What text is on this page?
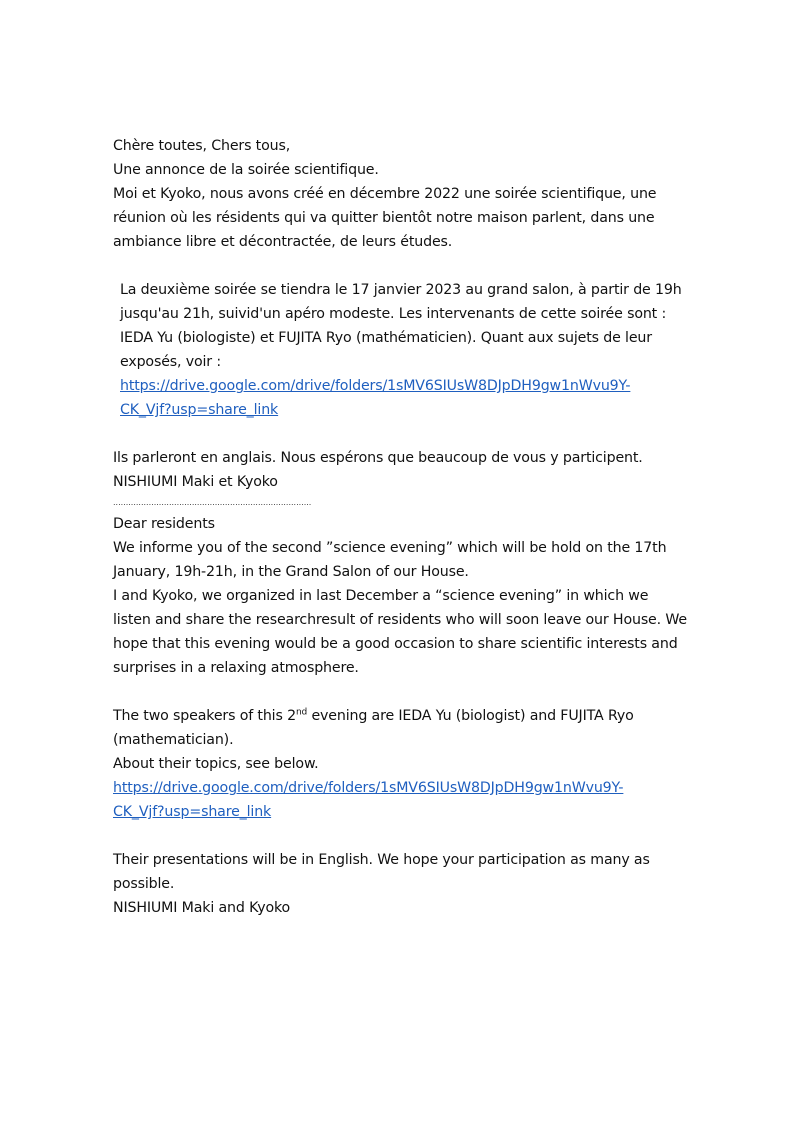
Chère toutes, Chers tous,
Une annonce de la soirée scientifique.
Moi et Kyoko, nous avons créé en décembre 2022 une soirée scientifique, une
réunion où les résidents qui va quitter bientôt notre maison parlent, dans une
ambiance libre et décontractée, de leurs études.
La deuxième soirée se tiendra le 17 janvier 2023 au grand salon, à partir de 19h
jusqu'au 21h, suivid'un apéro modeste. Les intervenants de cette soirée sont :
IEDA Yu (biologiste) et FUJITA Ryo (mathématicien). Quant aux sujets de leur
exposés, voir :
https://drive.google.com/drive/folders/1sMV6SIUsW8DJpDH9gw1nWvu9Y-
CK_Vjf?usp=share_link
Ils parleront en anglais. Nous espérons que beaucoup de vous y participent.
NISHIUMI Maki et Kyoko
..............................................................................
Dear residents
We informe you of the second ”science evening” which will be hold on the 17th
January, 19h-21h, in the Grand Salon of our House.
I and Kyoko, we organized in last December a “science evening” in which we
listen and share the researchresult of residents who will soon leave our House. We
hope that this evening would be a good occasion to share scientific interests and
surprises in a relaxing atmosphere.
The two speakers of this 2nd evening are IEDA Yu (biologist) and FUJITA Ryo
(mathematician).
About their topics, see below.
https://drive.google.com/drive/folders/1sMV6SIUsW8DJpDH9gw1nWvu9Y-
CK_Vjf?usp=share_link
Their presentations will be in English. We hope your participation as many as
possible.
NISHIUMI Maki and Kyoko
